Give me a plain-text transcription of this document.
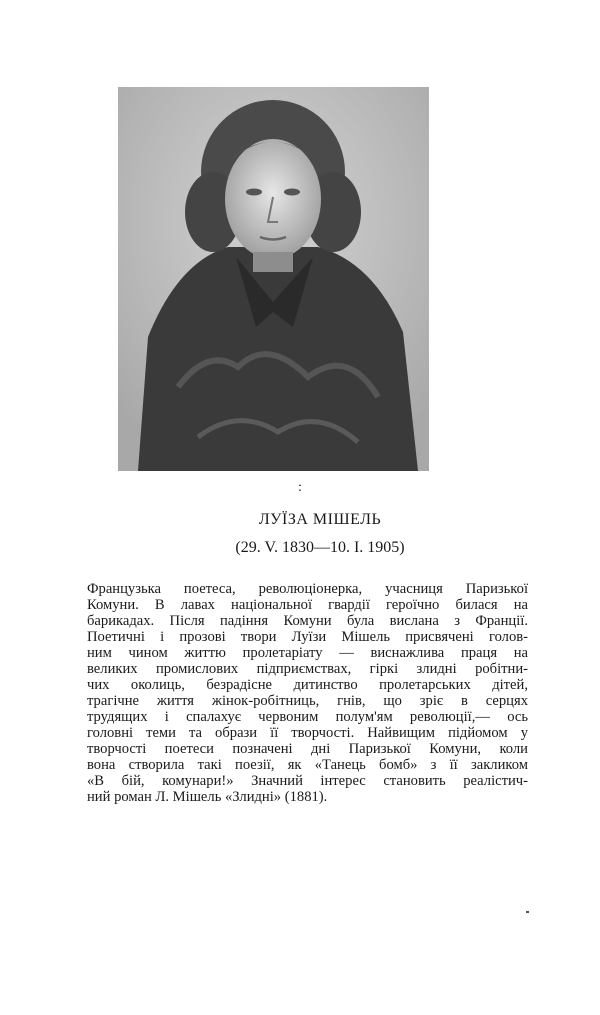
:
ЛУЇЗА МІШЕЛЬ
(29. V. 1830—10. I. 1905)
Французька поетеса, революціонерка, учасниця Паризької
Комуни. В лавах національної гвардії героїчно билася на
барикадах. Після падіння Комуни була вислана з Франції.
Поетичні і прозові твори Луїзи Мішель присвячені голов-
ним чином життю пролетаріату — виснажлива праця на
великих промислових підприємствах, гіркі злидні робітни-
чих околиць, безрадісне дитинство пролетарських дітей,
трагічне життя жінок-робітниць, гнів, що зріє в серцях
трудящих і спалахує червоним полум'ям революції,— ось
головні теми та образи її творчості. Найвищим підйомом у
творчості поетеси позначені дні Паризької Комуни, коли
вона створила такі поезії, як «Танець бомб» з її закликом
«В бій, комунари!» Значний інтерес становить реалістич-
ний роман Л. Мішель «Злидні» (1881).
